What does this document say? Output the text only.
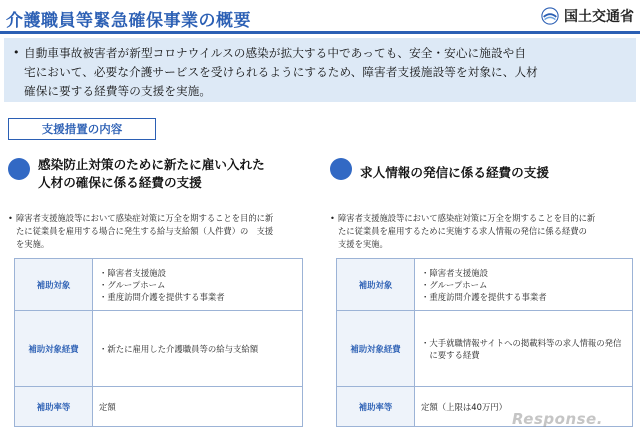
介護職員等緊急確保事業の概要	国土交通省
• 自動車事故被害者が新型コロナウイルスの感染が拡大する中であっても、安全・安心に施設や自

宅において、必要な介護サービスを受けられるようにするため、障害者支援施設等を対象に、人材

確保に要する経費等の支援を実施。

支援措置の内容
感染防止対策のために新たに雇い入れた
人材の確保に係る経費の支援
• 障害者支援施設等において感染症対策に万全を期することを目的に新
たに従業員を雇用する場合に発生する給与支給額（人件費）の　支援
を実施。
補助対象	・障害者支援施設
・グループホーム
・重度訪問介護を提供する事業者

補助対象経費	・新たに雇用した介護職員等の給与支給額

補助率等	定額
求人情報の発信に係る経費の支援
• 障害者支援施設等において感染症対策に万全を期することを目的に新
たに従業員を雇用するために実施する求人情報の発信に係る経費の
支援を実施。
補助対象	・障害者支援施設
・グループホーム
・重度訪問介護を提供する事業者

補助対象経費	・大手就職情報サイトへの掲載料等の求人情報の発信
　に要する経費

補助率等	定額（上限は40万円）
Response.
